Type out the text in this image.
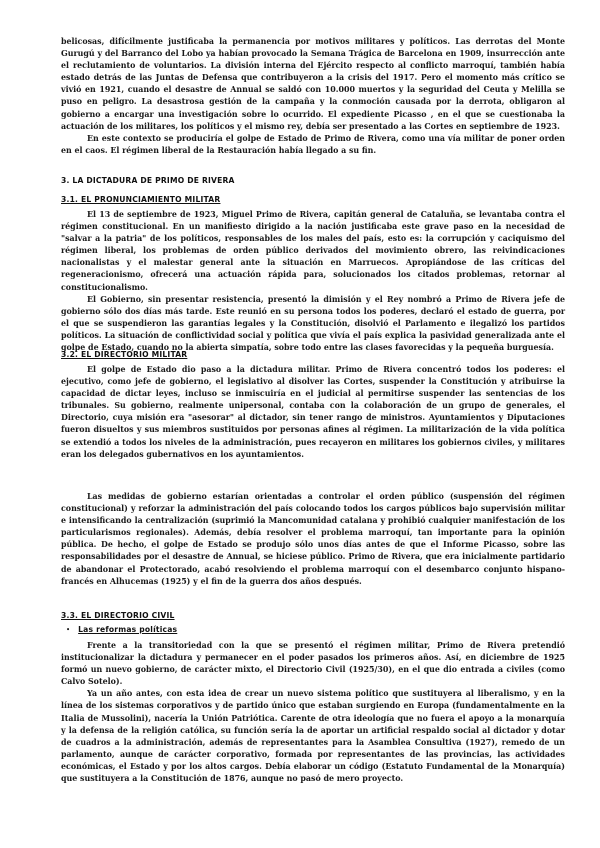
belicosas, difícilmente justificaba la permanencia por motivos militares y políticos. Las derrotas del Monte Gurugú y del Barranco del Lobo ya habían provocado la Semana Trágica de Barcelona en 1909, insurrección ante el reclutamiento de voluntarios. La división interna del Ejército respecto al conflicto marroquí, también había estado detrás de las Juntas de Defensa que contribuyeron a la crisis del 1917. Pero el momento más crítico se vivió en 1921, cuando el desastre de Annual se saldó con 10.000 muertos y la seguridad del Ceuta y Melilla se puso en peligro. La desastrosa gestión de la campaña y la conmoción causada por la derrota, obligaron al gobierno a encargar una investigación sobre lo ocurrido. El expediente Picasso , en el que se cuestionaba la actuación de los militares, los políticos y el mismo rey, debía ser presentado a las Cortes en septiembre de 1923.

En este contexto se produciría el golpe de Estado de Primo de Rivera, como una vía militar de poner orden en el caos. El régimen liberal de la Restauración había llegado a su fin.

3. LA DICTADURA DE PRIMO DE RIVERA

3.1. EL PRONUNCIAMIENTO MILITAR

El 13 de septiembre de 1923, Miguel Primo de Rivera, capitán general de Cataluña, se levantaba contra el régimen constitucional. En un manifiesto dirigido a la nación justificaba este grave paso en la necesidad de "salvar a la patria" de los políticos, responsables de los males del país, esto es: la corrupción y caciquismo del régimen liberal, los problemas de orden público derivados del movimiento obrero, las reivindicaciones nacionalistas y el malestar general ante la situación en Marruecos. Apropiándose de las críticas del regeneracionismo, ofrecerá una actuación rápida para, solucionados los citados problemas, retornar al constitucionalismo.

El Gobierno, sin presentar resistencia, presentó la dimisión y el Rey nombró a Primo de Rivera jefe de gobierno sólo dos días más tarde. Este reunió en su persona todos los poderes, declaró el estado de guerra, por el que se suspendieron las garantías legales y la Constitución, disolvió el Parlamento e ilegalizó los partidos políticos. La situación de conflictividad social y política que vivía el país explica la pasividad generalizada ante el golpe de Estado, cuando no la abierta simpatía, sobre todo entre las clases favorecidas y la pequeña burguesía.

3.2. EL DIRECTORIO MILITAR

El golpe de Estado dio paso a la dictadura militar. Primo de Rivera concentró todos los poderes: el ejecutivo, como jefe de gobierno, el legislativo al disolver las Cortes, suspender la Constitución y atribuirse la capacidad de dictar leyes, incluso se inmiscuiría en el judicial al permitirse suspender las sentencias de los tribunales. Su gobierno, realmente unipersonal, contaba con la colaboración de un grupo de generales, el Directorio, cuya misión era "asesorar" al dictador, sin tener rango de ministros. Ayuntamientos y Diputaciones fueron disueltos y sus miembros sustituidos por personas afines al régimen. La militarización de la vida política se extendió a todos los niveles de la administración, pues recayeron en militares los gobiernos civiles, y militares eran los delegados gubernativos en los ayuntamientos.

Las medidas de gobierno estarían orientadas a controlar el orden público (suspensión del régimen constitucional) y reforzar la administración del país colocando todos los cargos públicos bajo supervisión militar e intensificando la centralización (suprimió la Mancomunidad catalana y prohibió cualquier manifestación de los particularismos regionales). Además, debía resolver el problema marroquí, tan importante para la opinión pública. De hecho, el golpe de Estado se produjo sólo unos días antes de que el Informe Picasso, sobre las responsabilidades por el desastre de Annual, se hiciese público. Primo de Rivera, que era inicialmente partidario de abandonar el Protectorado, acabó resolviendo el problema marroquí con el desembarco conjunto hispano-francés en Alhucemas (1925) y el fin de la guerra dos años después.

3.3. EL DIRECTORIO CIVIL

• Las reformas políticas

Frente a la transitoriedad con la que se presentó el régimen militar, Primo de Rivera pretendió institucionalizar la dictadura y permanecer en el poder pasados los primeros años. Así, en diciembre de 1925 formó un nuevo gobierno, de carácter mixto, el Directorio Civil (1925/30), en el que dio entrada a civiles (como Calvo Sotelo).

Ya un año antes, con esta idea de crear un nuevo sistema político que sustituyera al liberalismo, y en la línea de los sistemas corporativos y de partido único que estaban surgiendo en Europa (fundamentalmente en la Italia de Mussolini), nacería la Unión Patriótica. Carente de otra ideología que no fuera el apoyo a la monarquía y la defensa de la religión católica, su función sería la de aportar un artificial respaldo social al dictador y dotar de cuadros a la administración, además de representantes para la Asamblea Consultiva (1927), remedo de un parlamento, aunque de carácter corporativo, formada por representantes de las provincias, las actividades económicas, el Estado y por los altos cargos. Debía elaborar un código (Estatuto Fundamental de la Monarquía) que sustituyera a la Constitución de 1876, aunque no pasó de mero proyecto.
